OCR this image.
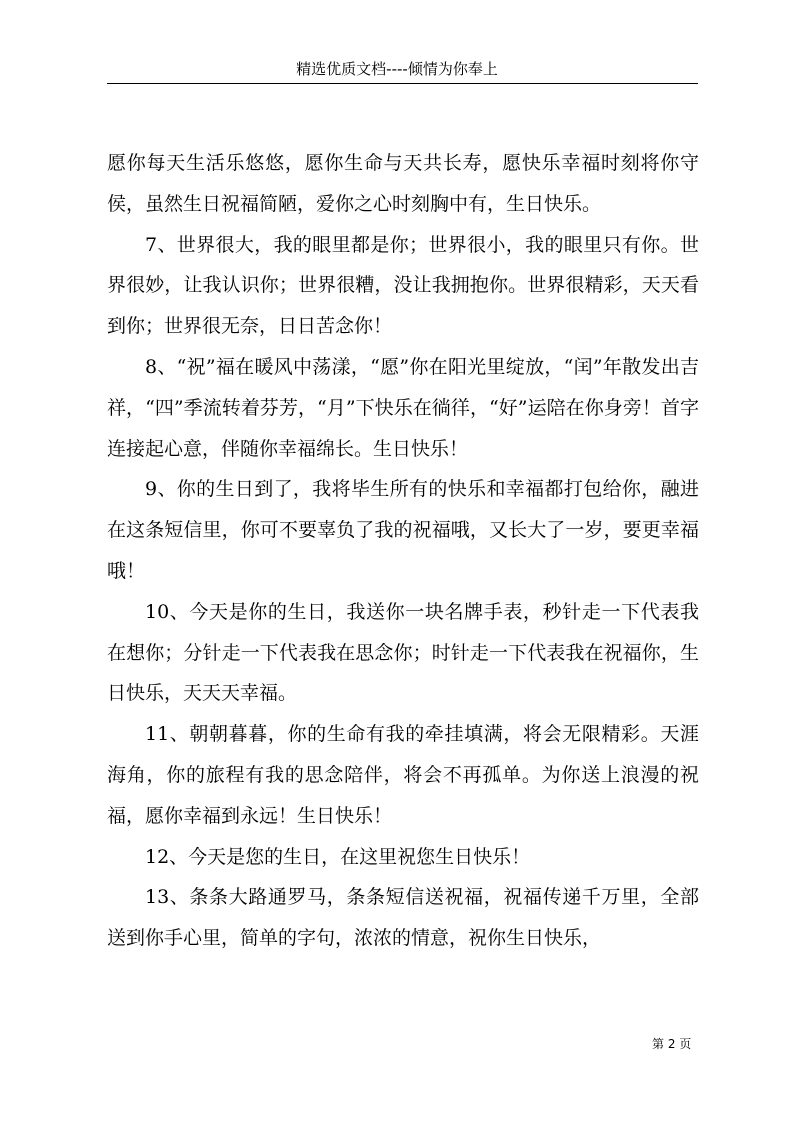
精选优质文档----倾情为你奉上

愿你每天生活乐悠悠，愿你生命与天共长寿，愿快乐幸福时刻将你守侯，虽然生日祝福简陋，爱你之心时刻胸中有，生日快乐。

7、世界很大，我的眼里都是你；世界很小，我的眼里只有你。世界很妙，让我认识你；世界很糟，没让我拥抱你。世界很精彩，天天看到你；世界很无奈，日日苦念你！

8、“祝”福在暖风中荡漾，“愿”你在阳光里绽放，“闰”年散发出吉祥，“四”季流转着芬芳，“月”下快乐在徜徉，“好”运陪在你身旁！首字连接起心意，伴随你幸福绵长。生日快乐！

9、你的生日到了，我将毕生所有的快乐和幸福都打包给你，融进在这条短信里，你可不要辜负了我的祝福哦，又长大了一岁，要更幸福哦！

10、今天是你的生日，我送你一块名牌手表，秒针走一下代表我在想你；分针走一下代表我在思念你；时针走一下代表我在祝福你，生日快乐，天天天幸福。

11、朝朝暮暮，你的生命有我的牵挂填满，将会无限精彩。天涯海角，你的旅程有我的思念陪伴，将会不再孤单。为你送上浪漫的祝福，愿你幸福到永远！生日快乐！

12、今天是您的生日，在这里祝您生日快乐！

13、条条大路通罗马，条条短信送祝福，祝福传递千万里，全部送到你手心里，简单的字句，浓浓的情意，祝你生日快乐，

第 2 页
